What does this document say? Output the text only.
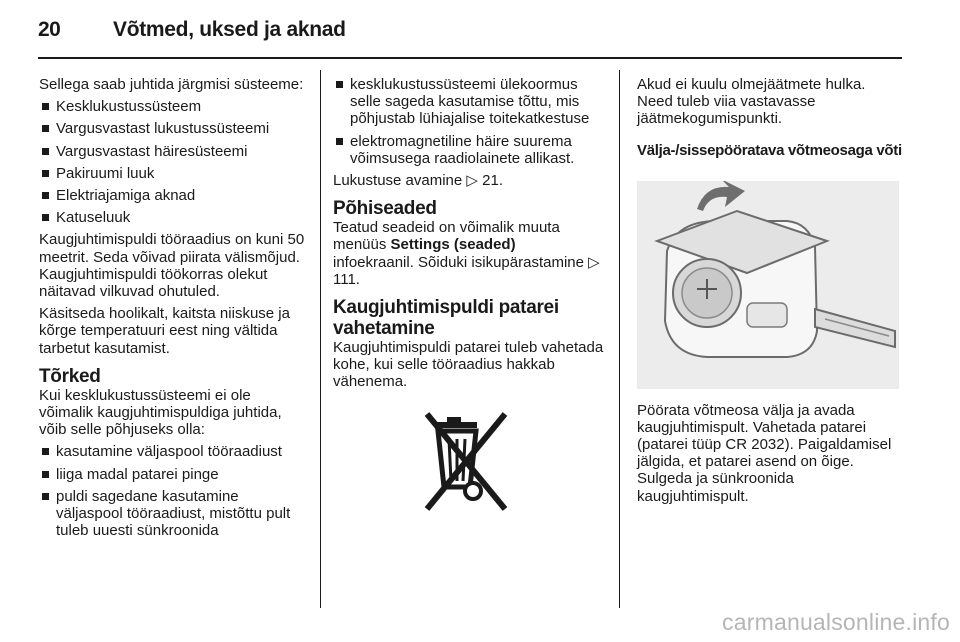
20	Võtmed, uksed ja aknad

Sellega saab juhtida järgmisi süsteeme:

Kesklukustussüsteem
Vargusvastast lukustussüsteemi
Vargusvastast häiresüsteemi
Pakiruumi luuk
Elektriajamiga aknad
Katuseluuk

Kaugjuhtimispuldi tööraadius on kuni 50 meetrit. Seda võivad piirata välismõjud. Kaugjuhtimispuldi töökorras olekut näitavad vilkuvad ohutuled.

Käsitseda hoolikalt, kaitsta niiskuse ja kõrge temperatuuri eest ning vältida tarbetut kasutamist.

Tõrked

Kui kesklukustussüsteemi ei ole võimalik kaugjuhtimispuldiga juhtida, võib selle põhjuseks olla:

kasutamine väljaspool tööraadiust
liiga madal patarei pinge
puldi sagedane kasutamine väljaspool tööraadiust, mistõttu pult tuleb uuesti sünkroonida
kesklukustussüsteemi ülekoormus selle sageda kasutamise tõttu, mis põhjustab lühiajalise toitekatkestuse
elektromagnetiline häire suurema võimsusega raadiolainete allikast.

Lukustuse avamine ▷ 21.

Põhiseaded

Teatud seadeid on võimalik muuta menüüs Settings (seaded)
infoekraanil. Sõiduki isikupärastamine ▷ 111.

Kaugjuhtimispuldi patarei vahetamine

Kaugjuhtimispuldi patarei tuleb vahetada kohe, kui selle tööraadius hakkab vähenema.

Akud ei kuulu olmejäätmete hulka. Need tuleb viia vastavasse jäätmekogumispunkti.

Välja-/sissepööratava võtmeosaga võti

Pöörata võtmeosa välja ja avada kaugjuhtimispult. Vahetada patarei (patarei tüüp CR 2032). Paigaldamisel jälgida, et patarei asend on õige. Sulgeda ja sünkroonida kaugjuhtimispult.

carmanualsonline.info
